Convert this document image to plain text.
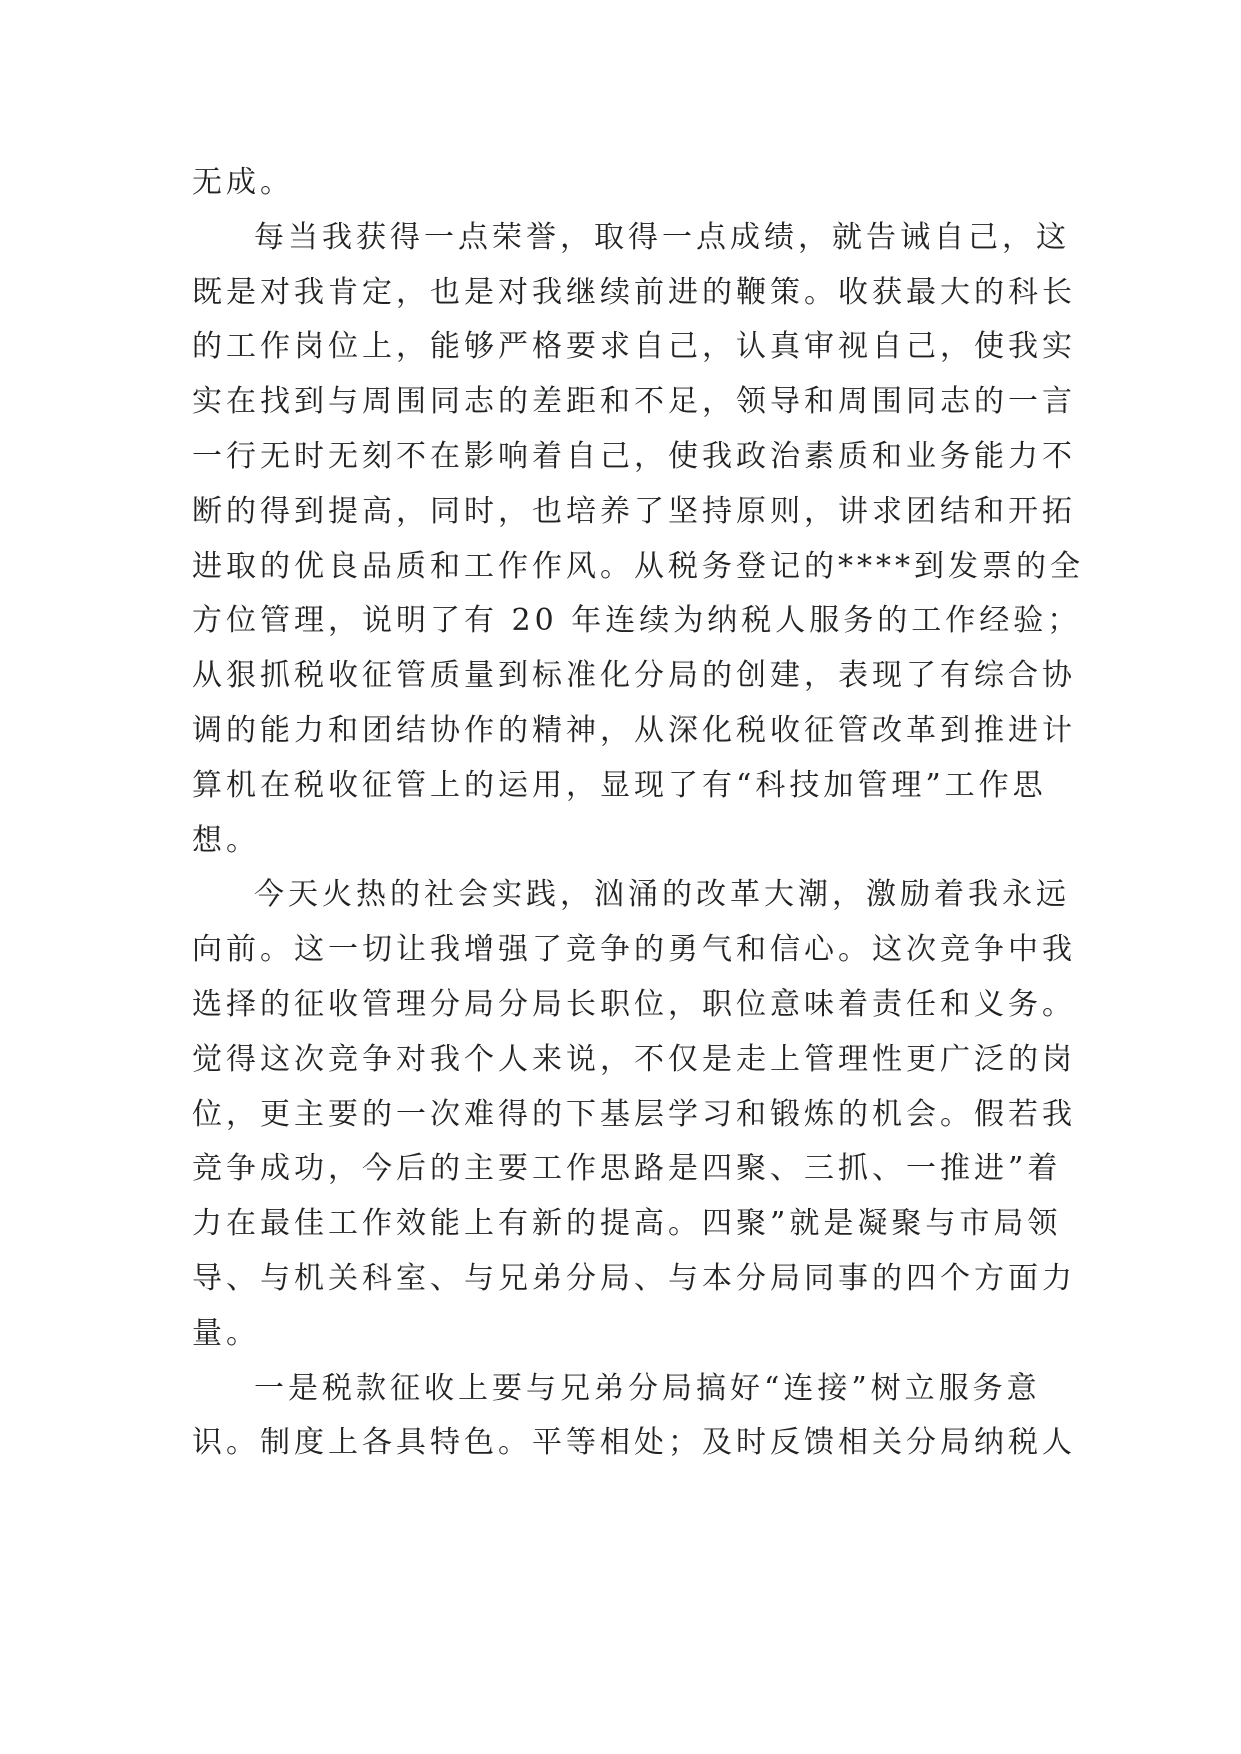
无成。
每当我获得一点荣誉，取得一点成绩，就告诫自己，这
既是对我肯定，也是对我继续前进的鞭策。收获最大的科长
的工作岗位上，能够严格要求自己，认真审视自己，使我实
实在找到与周围同志的差距和不足，领导和周围同志的一言
一行无时无刻不在影响着自己，使我政治素质和业务能力不
断的得到提高，同时，也培养了坚持原则，讲求团结和开拓
进取的优良品质和工作作风。从税务登记的****到发票的全
方位管理，说明了有 20 年连续为纳税人服务的工作经验；
从狠抓税收征管质量到标准化分局的创建，表现了有综合协
调的能力和团结协作的精神，从深化税收征管改革到推进计
算机在税收征管上的运用，显现了有“科技加管理”工作思
想。
今天火热的社会实践，汹涌的改革大潮，激励着我永远
向前。这一切让我增强了竞争的勇气和信心。这次竞争中我
选择的征收管理分局分局长职位，职位意味着责任和义务。
觉得这次竞争对我个人来说，不仅是走上管理性更广泛的岗
位，更主要的一次难得的下基层学习和锻炼的机会。假若我
竞争成功，今后的主要工作思路是四聚、三抓、一推进”着
力在最佳工作效能上有新的提高。四聚”就是凝聚与市局领
导、与机关科室、与兄弟分局、与本分局同事的四个方面力
量。
一是税款征收上要与兄弟分局搞好“连接”树立服务意
识。制度上各具特色。平等相处；及时反馈相关分局纳税人
